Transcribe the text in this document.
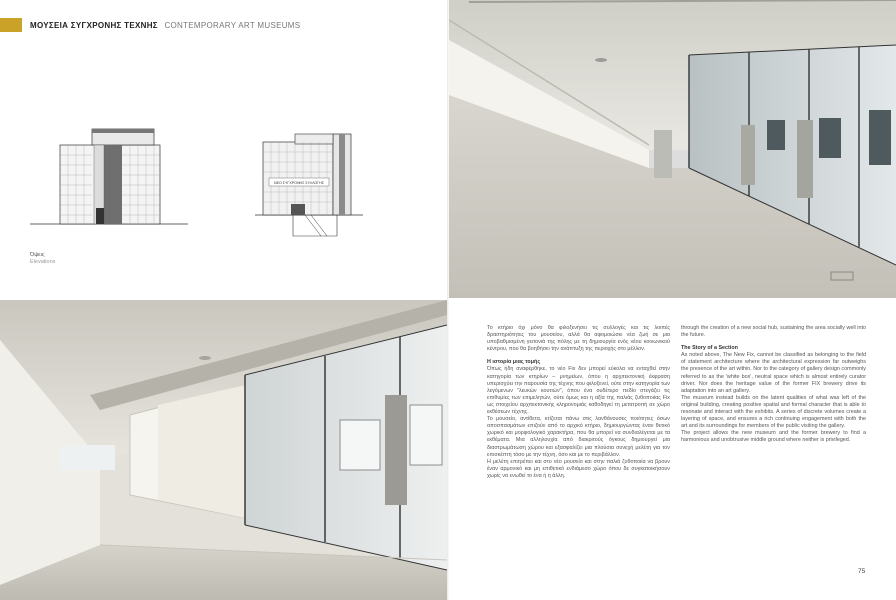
ΜΟΥΣΕΙΑ ΣΥΓΧΡΟΝΗΣ ΤΕΧΝΗΣ CONTEMPORARY ART MUSEUMS
ΝΕΟ ΣΥΓΧΡΟΝΗΣ ΣΥΛΛΟΓΗΣ
Όψεις
Elevations

Το κτήριο όχι μόνο θα φιλοξενήσει τις συλλογές και τις λοιπές δραστηριότητες του μουσείου, αλλά θα αφομοιώσει νέα ζωή σε μια υποβαθμισμένη γειτονιά της πόλης με τη δημιουργία ενός νέου κοινωνικού κέντρου, που θα βοηθήσει την ανάπτυξη της περιοχής στο μέλλον.

Η ιστορία μιας τομής

Όπως ήδη αναφέρθηκε, το νέο Fix δεν μπορεί εύκολα να ενταχθεί στην κατηγορία των κτηρίων – μνημείων, όπου η αρχιτεκτονική έκφραση υπερισχύει την παρουσία της τέχνης που φιλοξενεί, ούτε στην κατηγορία των λεγόμενων "λευκών κουτιών", όπου ένα ουδέτερο πεδίο στεγάζει τις επιθυμίες των επιμελητών, ούτε όμως και η αξία της παλιάς ζυθοποιίας Fix ως στοιχείου αρχιτεκτονικής κληρονομιάς καθοδηγεί τη μετατροπή σε χώρο εκθέσεων τέχνης.

Το μουσείο, αντίθετα, κτίζεται πάνω στις λανθάνουσες ποιότητες όσων αποσπασμάτων επιζούν από το αρχικό κτήριο, δημιουργώντας έναν θετικό χωρικό και μορφολογικό χαρακτήρα, που θα μπορεί να συνδιαλέγεται με τα εκθέματα. Μια αλληλουχία από διακριτούς όγκους δημιουργεί μια διαστρωμάτωση χώρου και εξασφαλίζει μια πλούσια συνεχή μελέτη για τον επισκέπτη τόσο με την τέχνη, όσο και με το περιβάλλον.

Η μελέτη επιτρέπει και στο νέο μουσείο και στην παλιά ζυθοποιία να βρουν έναν αρμονικό και μη επιθετικό ενδιάμεσο χώρο όπου δε συγκατοικήσουν χωρίς να ενωθεί το ένα ή η άλλη.

through the creation of a new social hub, sustaining the area socially well into the future.

The Story of a Section

As noted above, The New Fix, cannot be classified as belonging to the field of statement architecture where the architectural expression far outweighs the presence of the art within. Nor to the category of gallery design commonly referred to as the 'white box', neutral space which is almost entirely curator driver. Nor does the heritage value of the former FIX brewery drive its adaptation into an art gallery.

The museum instead builds on the latent qualities of what was left of the original building, creating positive spatial and formal character that is able to resonate and interact with the exhibits. A series of discrete volumes create a layering of space, and ensures a rich continuing engagement with both the art and its surroundings for members of the public visiting the gallery.

The project allows the new museum and the former brewery to find a harmonious and unobtrusive middle ground where neither is privileged.

75
